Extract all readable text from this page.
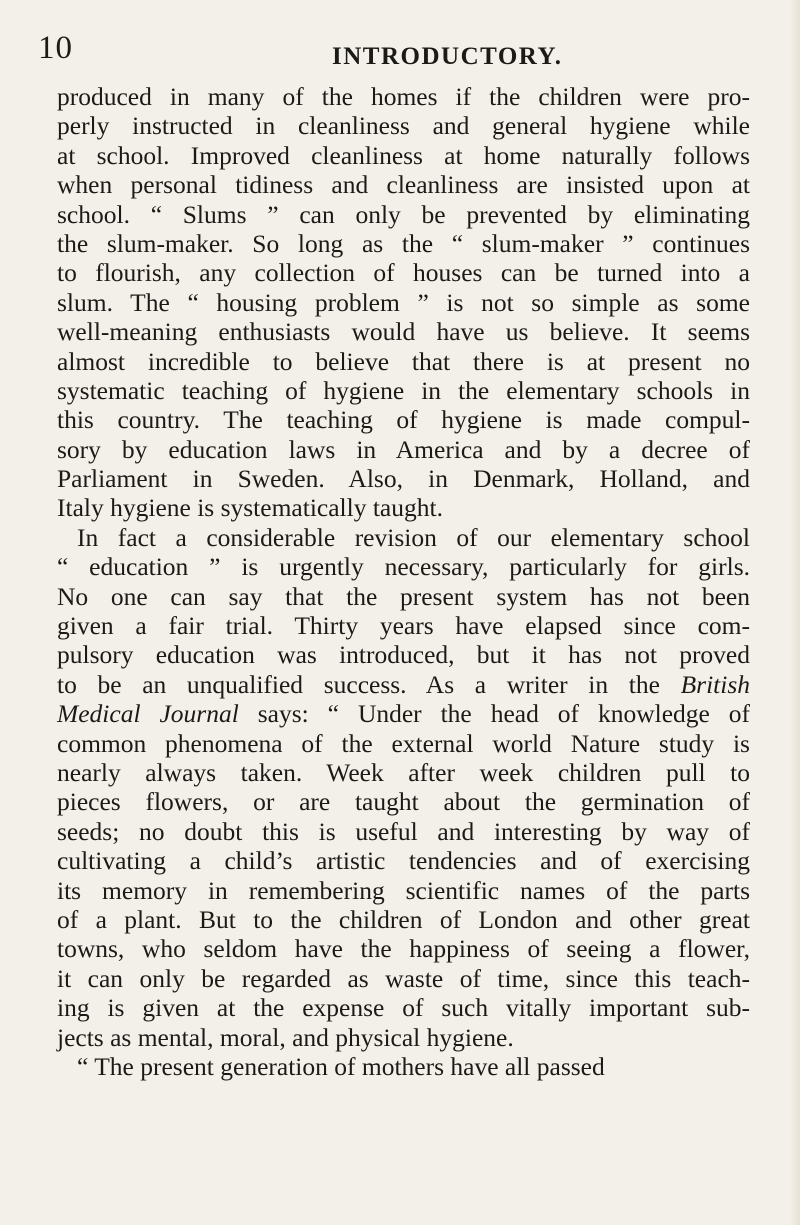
10	INTRODUCTORY.
produced in many of the homes if the children were pro-
perly instructed in cleanliness and general hygiene while
at school. Improved cleanliness at home naturally follows
when personal tidiness and cleanliness are insisted upon at
school. “ Slums ” can only be prevented by eliminating
the slum-maker. So long as the “ slum-maker ” continues
to flourish, any collection of houses can be turned into a
slum. The “ housing problem ” is not so simple as some
well-meaning enthusiasts would have us believe. It seems
almost incredible to believe that there is at present no
systematic teaching of hygiene in the elementary schools in
this country. The teaching of hygiene is made compul-
sory by education laws in America and by a decree of
Parliament in Sweden. Also, in Denmark, Holland, and
Italy hygiene is systematically taught.
In fact a considerable revision of our elementary school
“ education ” is urgently necessary, particularly for girls.
No one can say that the present system has not been
given a fair trial. Thirty years have elapsed since com-
pulsory education was introduced, but it has not proved
to be an unqualified success. As a writer in the British
Medical Journal says: “ Under the head of knowledge of
common phenomena of the external world Nature study is
nearly always taken. Week after week children pull to
pieces flowers, or are taught about the germination of
seeds; no doubt this is useful and interesting by way of
cultivating a child’s artistic tendencies and of exercising
its memory in remembering scientific names of the parts
of a plant. But to the children of London and other great
towns, who seldom have the happiness of seeing a flower,
it can only be regarded as waste of time, since this teach-
ing is given at the expense of such vitally important sub-
jects as mental, moral, and physical hygiene.
“ The present generation of mothers have all passed
